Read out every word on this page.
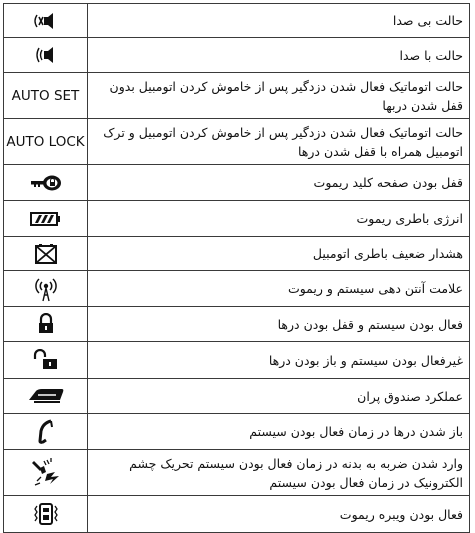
حالت بی صدا
حالت با صدا
AUTO SET
حالت اتوماتیک فعال شدن دزدگیر پس از خاموش کردن اتومبیل بدون قفل شدن دربها
AUTO LOCK
حالت اتوماتیک فعال شدن دزدگیر پس از خاموش کردن اتومبیل و ترک اتومبیل همراه با قفل شدن درها
قفل بودن صفحه کلید ریموت
انرژی باطری ریموت
هشدار ضعیف باطری اتومبیل
علامت آنتن دهی سیستم و ریموت
فعال بودن سیستم و قفل بودن درها
غیرفعال بودن سیستم و باز بودن درها
عملکرد صندوق پران
باز شدن درها در زمان فعال بودن سیستم
وارد شدن ضربه به بدنه در زمان فعال بودن سیستم تحریک چشم الکترونیک در زمان فعال بودن سیستم
فعال بودن ویبره ریموت
